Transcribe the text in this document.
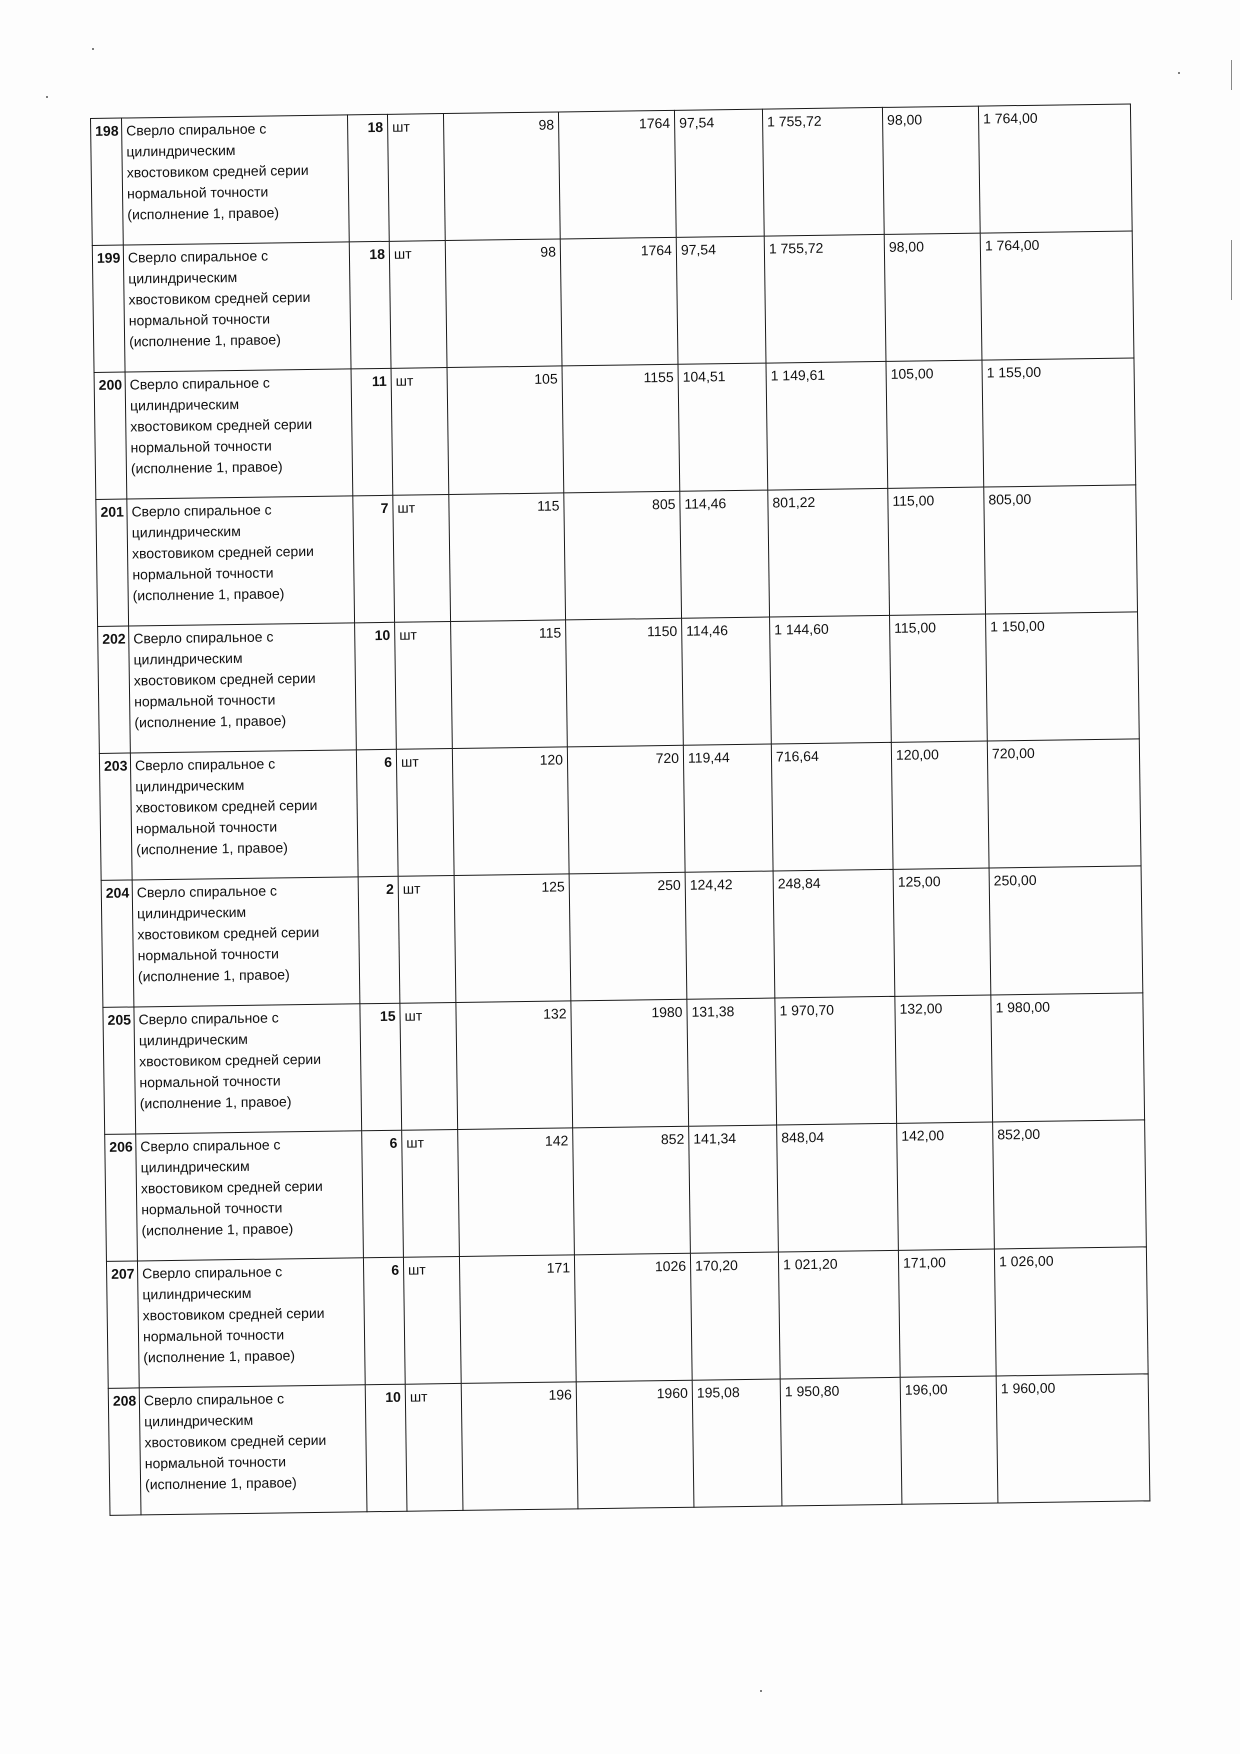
198	Сверло спиральное с
цилиндрическим
хвостовиком средней серии
нормальной точности
(исполнение 1, правое)	18	шт	98	1764	97,54	1 755,72	98,00	1 764,00
199	Сверло спиральное с
цилиндрическим
хвостовиком средней серии
нормальной точности
(исполнение 1, правое)	18	шт	98	1764	97,54	1 755,72	98,00	1 764,00
200	Сверло спиральное с
цилиндрическим
хвостовиком средней серии
нормальной точности
(исполнение 1, правое)	11	шт	105	1155	104,51	1 149,61	105,00	1 155,00
201	Сверло спиральное с
цилиндрическим
хвостовиком средней серии
нормальной точности
(исполнение 1, правое)	7	шт	115	805	114,46	801,22	115,00	805,00
202	Сверло спиральное с
цилиндрическим
хвостовиком средней серии
нормальной точности
(исполнение 1, правое)	10	шт	115	1150	114,46	1 144,60	115,00	1 150,00
203	Сверло спиральное с
цилиндрическим
хвостовиком средней серии
нормальной точности
(исполнение 1, правое)	6	шт	120	720	119,44	716,64	120,00	720,00
204	Сверло спиральное с
цилиндрическим
хвостовиком средней серии
нормальной точности
(исполнение 1, правое)	2	шт	125	250	124,42	248,84	125,00	250,00
205	Сверло спиральное с
цилиндрическим
хвостовиком средней серии
нормальной точности
(исполнение 1, правое)	15	шт	132	1980	131,38	1 970,70	132,00	1 980,00
206	Сверло спиральное с
цилиндрическим
хвостовиком средней серии
нормальной точности
(исполнение 1, правое)	6	шт	142	852	141,34	848,04	142,00	852,00
207	Сверло спиральное с
цилиндрическим
хвостовиком средней серии
нормальной точности
(исполнение 1, правое)	6	шт	171	1026	170,20	1 021,20	171,00	1 026,00
208	Сверло спиральное с
цилиндрическим
хвостовиком средней серии
нормальной точности
(исполнение 1, правое)	10	шт	196	1960	195,08	1 950,80	196,00	1 960,00
